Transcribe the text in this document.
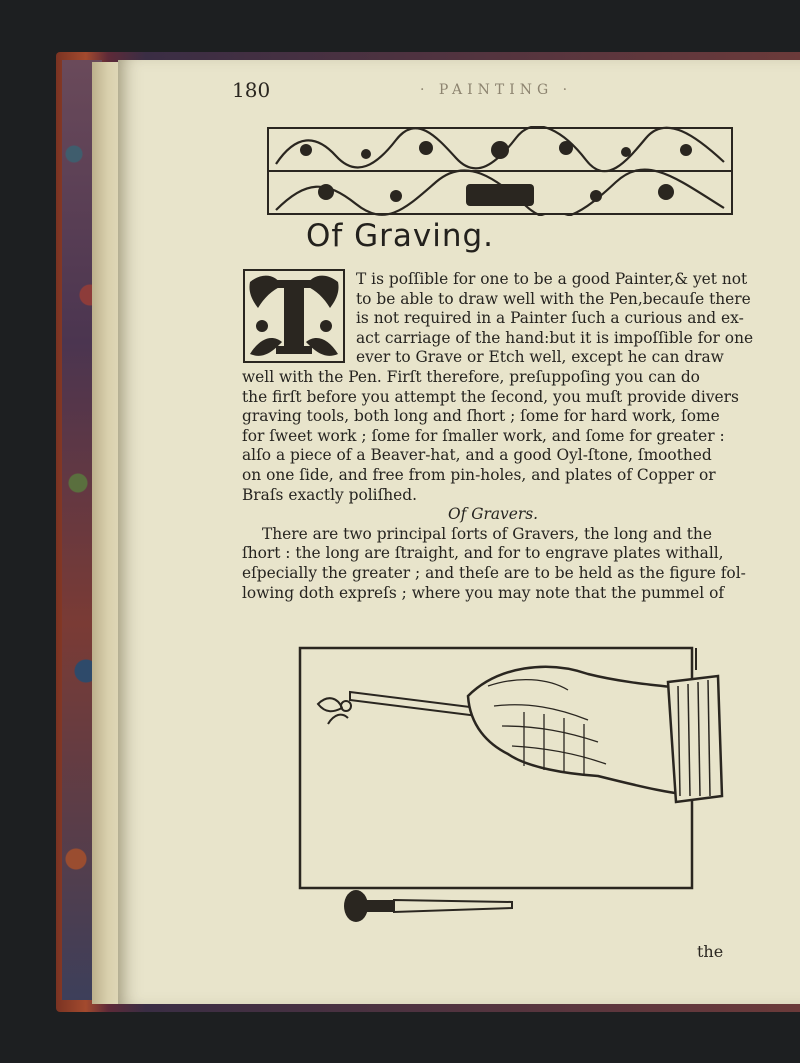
180	· PAINTING ·
Of Graving.
T is poſſible for one to be a good Painter,& yet not
to be able to draw well with the Pen,becauſe there
is not required in a Painter ſuch a curious and ex-
act carriage of the hand:but it is impoſſible for one
ever to Grave or Etch well, except he can draw
well with the Pen. Firſt therefore, preſuppoſing you can do
the firſt before you attempt the ſecond, you muſt provide divers
graving tools, both long and ſhort ; ſome for hard work, ſome
for ſweet work ; ſome for ſmaller work, and ſome for greater :
alſo a piece of a Beaver-hat, and a good Oyl-ſtone, ſmoothed
on one ſide, and free from pin-holes, and plates of Copper or
Braſs exactly poliſhed.
Of Gravers.
There are two principal ſorts of Gravers, the long and the
ſhort : the long are ſtraight, and for to engrave plates withall,
eſpecially the greater ; and theſe are to be held as the figure fol-
lowing doth expreſs ; where you may note that the pummel of
the
